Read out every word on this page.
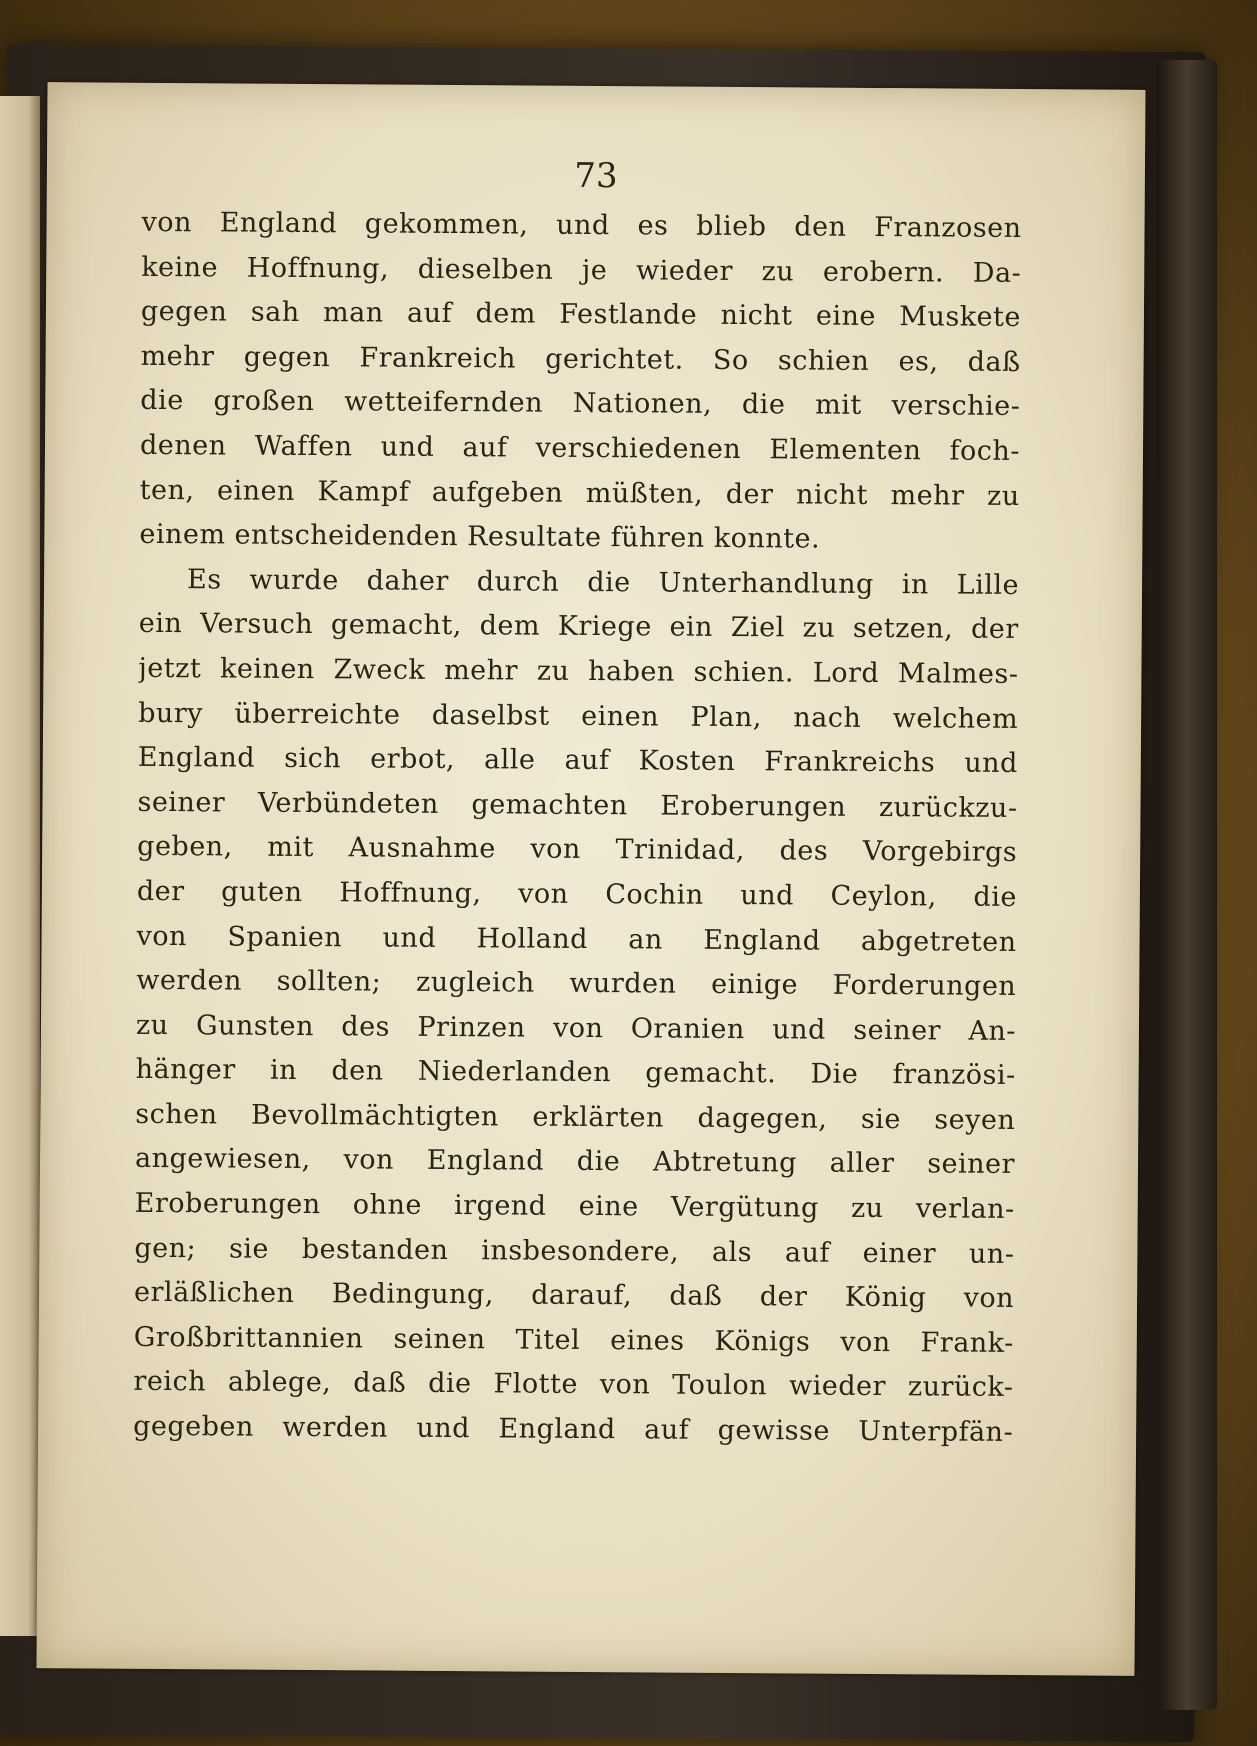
73
von England gekommen, und es blieb den Franzosen
keine Hoffnung, dieselben je wieder zu erobern. Da-
gegen sah man auf dem Festlande nicht eine Muskete
mehr gegen Frankreich gerichtet. So schien es, daß
die großen wetteifernden Nationen, die mit verschie-
denen Waffen und auf verschiedenen Elementen foch-
ten, einen Kampf aufgeben müßten, der nicht mehr zu
einem entscheidenden Resultate führen konnte.
Es wurde daher durch die Unterhandlung in Lille
ein Versuch gemacht, dem Kriege ein Ziel zu setzen, der
jetzt keinen Zweck mehr zu haben schien. Lord Malmes-
bury überreichte daselbst einen Plan, nach welchem
England sich erbot, alle auf Kosten Frankreichs und
seiner Verbündeten gemachten Eroberungen zurückzu-
geben, mit Ausnahme von Trinidad, des Vorgebirgs
der guten Hoffnung, von Cochin und Ceylon, die
von Spanien und Holland an England abgetreten
werden sollten; zugleich wurden einige Forderungen
zu Gunsten des Prinzen von Oranien und seiner An-
hänger in den Niederlanden gemacht. Die französi-
schen Bevollmächtigten erklärten dagegen, sie seyen
angewiesen, von England die Abtretung aller seiner
Eroberungen ohne irgend eine Vergütung zu verlan-
gen; sie bestanden insbesondere, als auf einer un-
erläßlichen Bedingung, darauf, daß der König von
Großbrittannien seinen Titel eines Königs von Frank-
reich ablege, daß die Flotte von Toulon wieder zurück-
gegeben werden und England auf gewisse Unterpfän-
